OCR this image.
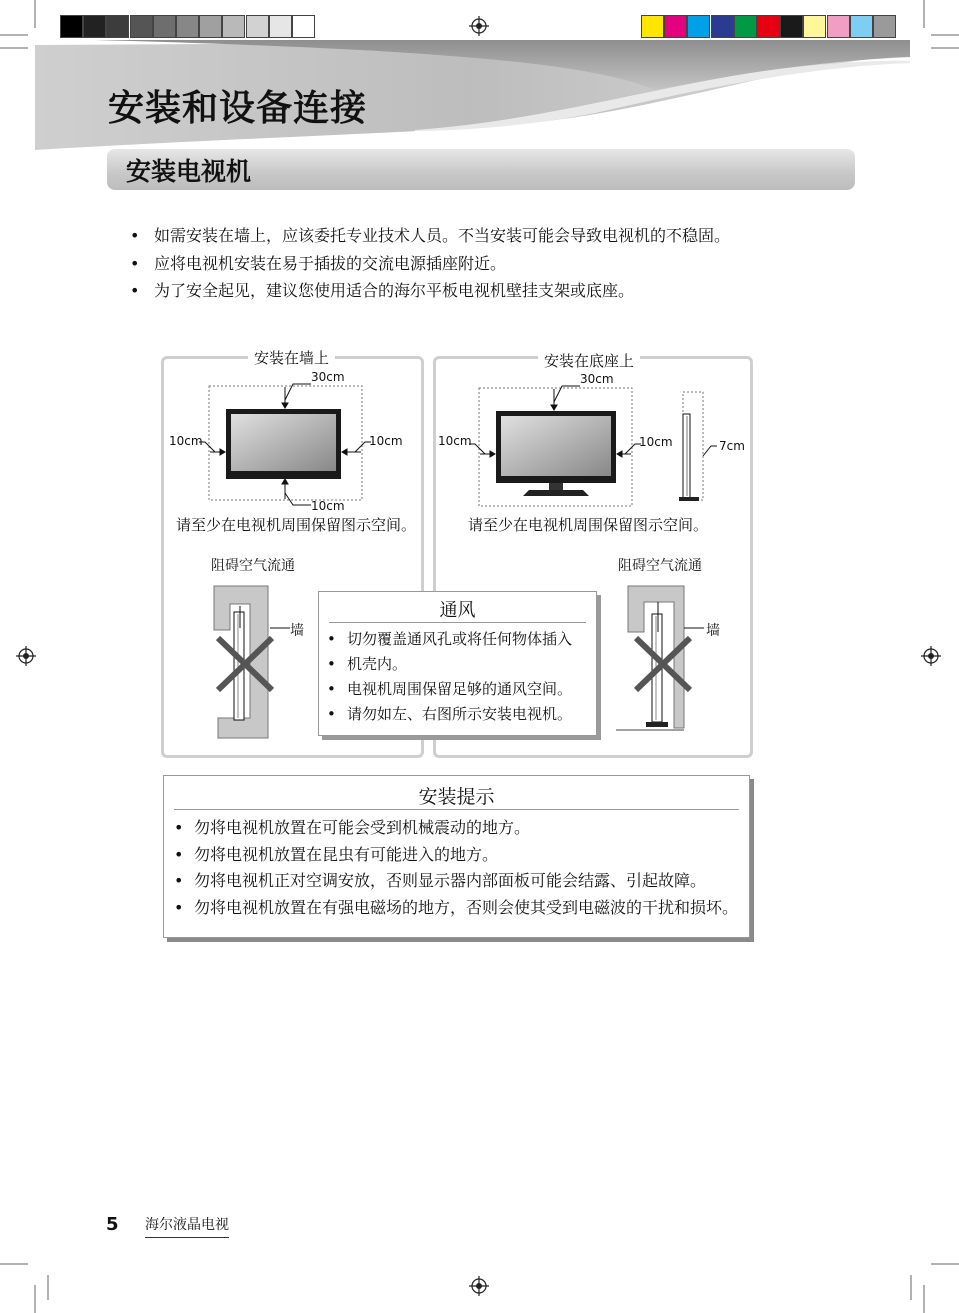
安装和设备连接
安装电视机
• 如需安装在墙上，应该委托专业技术人员。不当安装可能会导致电视机的不稳固。
• 应将电视机安装在易于插拔的交流电源插座附近。
• 为了安全起见，建议您使用适合的海尔平板电视机壁挂支架或底座。
安装在墙上	安装在底座上
30cm
10cm	10cm
10cm
请至少在电视机周围保留图示空间。
30cm
10cm	10cm	7cm
请至少在电视机周围保留图示空间。
阻碍空气流通	阻碍空气流通
墙	墙
通风
• 切勿覆盖通风孔或将任何物体插入
• 机壳内。
• 电视机周围保留足够的通风空间。
• 请勿如左、右图所示安装电视机。
安装提示
• 勿将电视机放置在可能会受到机械震动的地方。
• 勿将电视机放置在昆虫有可能进入的地方。
• 勿将电视机正对空调安放，否则显示器内部面板可能会结露、引起故障。
• 勿将电视机放置在有强电磁场的地方，否则会使其受到电磁波的干扰和损坏。
5 海尔液晶电视
